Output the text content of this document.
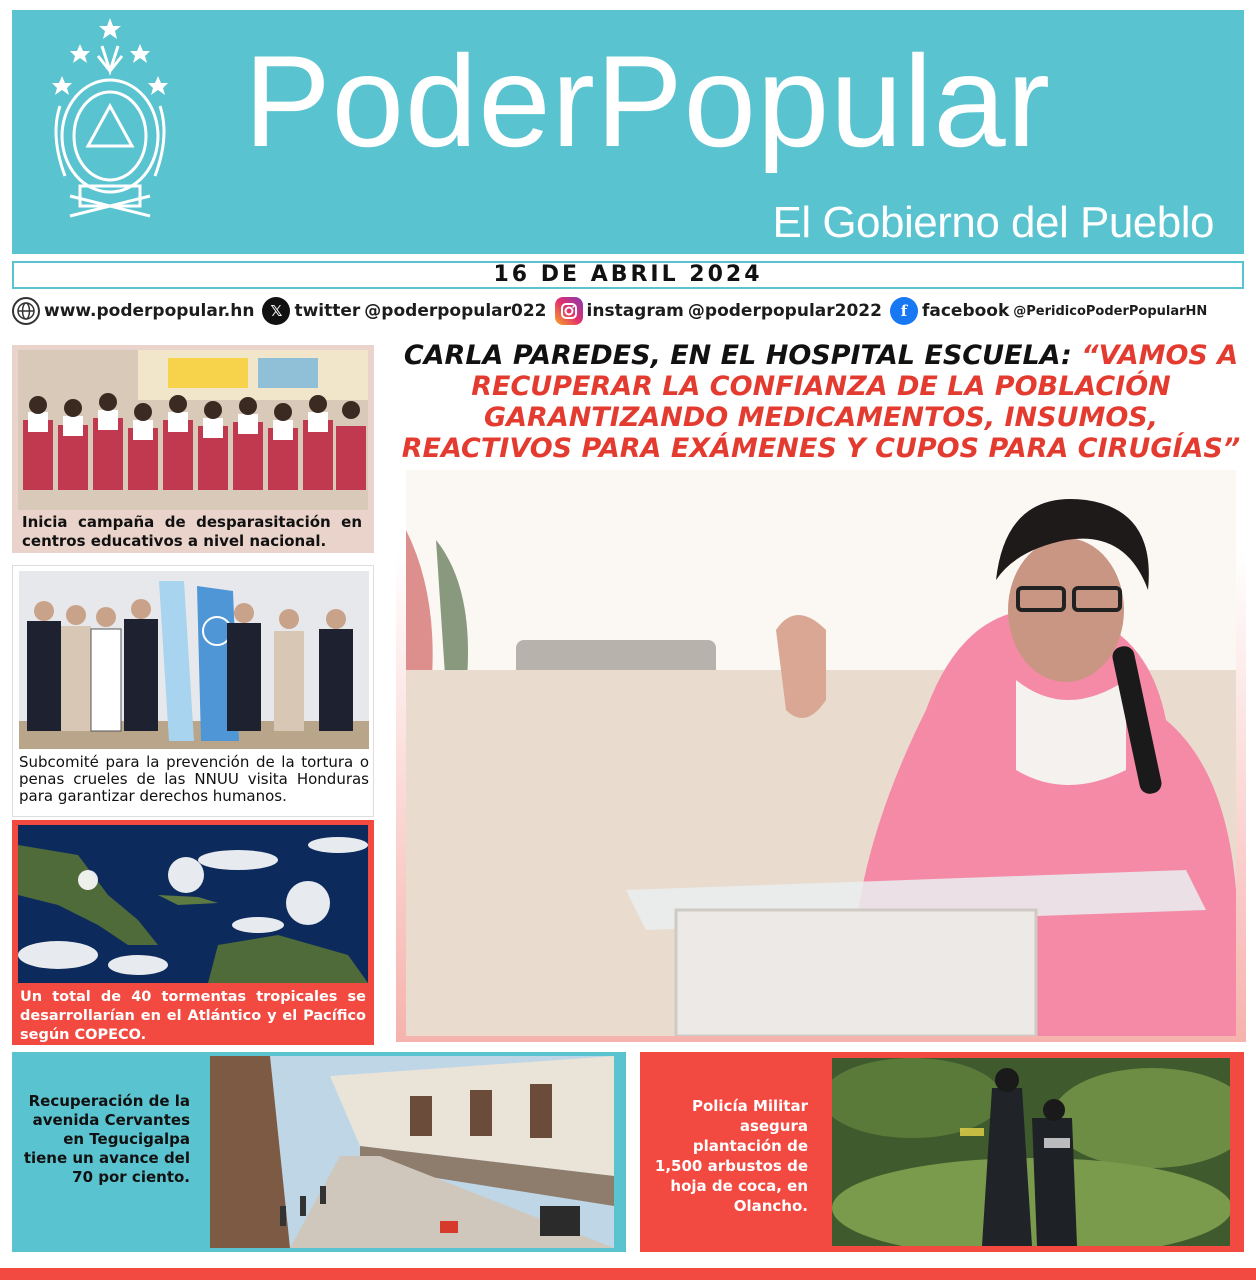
PoderPopular
El Gobierno del Pueblo
16 DE ABRIL 2024
www.poderpopular.hn	𝕏 twitter @poderpopular022 instagram @poderpopular2022	f facebook @PeridicoPoderPopularHN
Inicia campaña de desparasitación en centros educativos a nivel nacional.
Subcomité para la prevención de la tortura o penas crueles de las NNUU visita Honduras para garantizar derechos humanos.
Un total de 40 tormentas tropicales se desarrollarían en el Atlántico y el Pacífico según COPECO.
CARLA PAREDES, EN EL HOSPITAL ESCUELA: “VAMOS A RECUPERAR LA CONFIANZA DE LA POBLACIÓN GARANTIZANDO MEDICAMENTOS, INSUMOS, REACTIVOS PARA EXÁMENES Y CUPOS PARA CIRUGÍAS”
Recuperación de la avenida Cervantes en Tegucigalpa tiene un avance del 70 por ciento.
Policía Militar asegura plantación de 1,500 arbustos de hoja de coca, en Olancho.
